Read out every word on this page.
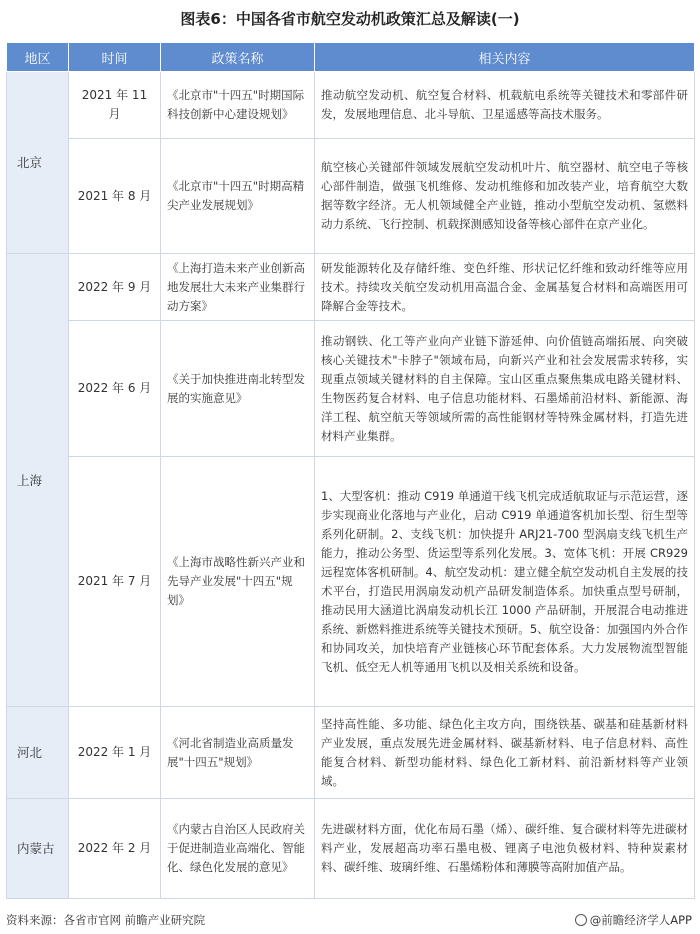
图表6：中国各省市航空发动机政策汇总及解读(一)
地区	时间	政策名称	相关内容
北京	2021 年 11 月	《北京市"十四五"时期国际科技创新中心建设规划》	推动航空发动机、航空复合材料、机载航电系统等关键技术和零部件研发，发展地理信息、北斗导航、卫星遥感等高技术服务。
	2021 年 8 月	《北京市"十四五"时期高精尖产业发展规划》	航空核心关键部件领域发展航空发动机叶片、航空器材、航空电子等核心部件制造，做强飞机维修、发动机维修和加改装产业，培育航空大数据等数字经济。无人机领域健全产业链，推动小型航空发动机、氢燃料动力系统、飞行控制、机载探测感知设备等核心部件在京产业化。
上海	2022 年 9 月	《上海打造未来产业创新高地发展壮大未来产业集群行动方案》	研发能源转化及存储纤维、变色纤维、形状记忆纤维和致动纤维等应用技术。持续攻关航空发动机用高温合金、金属基复合材料和高端医用可降解合金等技术。
	2022 年 6 月	《关于加快推进南北转型发展的实施意见》	推动钢铁、化工等产业向产业链下游延伸、向价值链高端拓展、向突破核心关键技术"卡脖子"领域布局，向新兴产业和社会发展需求转移，实现重点领域关键材料的自主保障。宝山区重点聚焦集成电路关键材料、生物医药复合材料、电子信息功能材料、石墨烯前沿材料、新能源、海洋工程、航空航天等领域所需的高性能钢材等特殊金属材料，打造先进材料产业集群。
	2021 年 7 月	《上海市战略性新兴产业和先导产业发展"十四五"规划》	1、大型客机：推动 C919 单通道干线飞机完成适航取证与示范运营，逐步实现商业化落地与产业化，启动 C919 单通道客机加长型、衍生型等系列化研制。2、支线飞机：加快提升 ARJ21-700 型涡扇支线飞机生产能力，推动公务型、货运型等系列化发展。3、宽体飞机：开展 CR929 远程宽体客机研制。4、航空发动机：建立健全航空发动机自主发展的技术平台，打造民用涡扇发动机产品研发制造体系。加快重点型号研制，推动民用大涵道比涡扇发动机长江 1000 产品研制，开展混合电动推进系统、新燃料推进系统等关键技术预研。5、航空设备：加强国内外合作和协同攻关，加快培育产业链核心环节配套体系。大力发展物流型智能飞机、低空无人机等通用飞机以及相关系统和设备。
河北	2022 年 1 月	《河北省制造业高质量发展"十四五"规划》	坚持高性能、多功能、绿色化主攻方向，围绕铁基、碳基和硅基新材料产业发展，重点发展先进金属材料、碳基新材料、电子信息材料、高性能复合材料、新型功能材料、绿色化工新材料、前沿新材料等产业领域。
内蒙古	2022 年 2 月	《内蒙古自治区人民政府关于促进制造业高端化、智能化、绿色化发展的意见》	先进碳材料方面，优化布局石墨（烯）、碳纤维、复合碳材料等先进碳材料产业，发展超高功率石墨电极、锂离子电池负极材料、特种炭素材料、碳纤维、玻璃纤维、石墨烯粉体和薄膜等高附加值产品。
资料来源：各省市官网 前瞻产业研究院	@前瞻经济学人APP
